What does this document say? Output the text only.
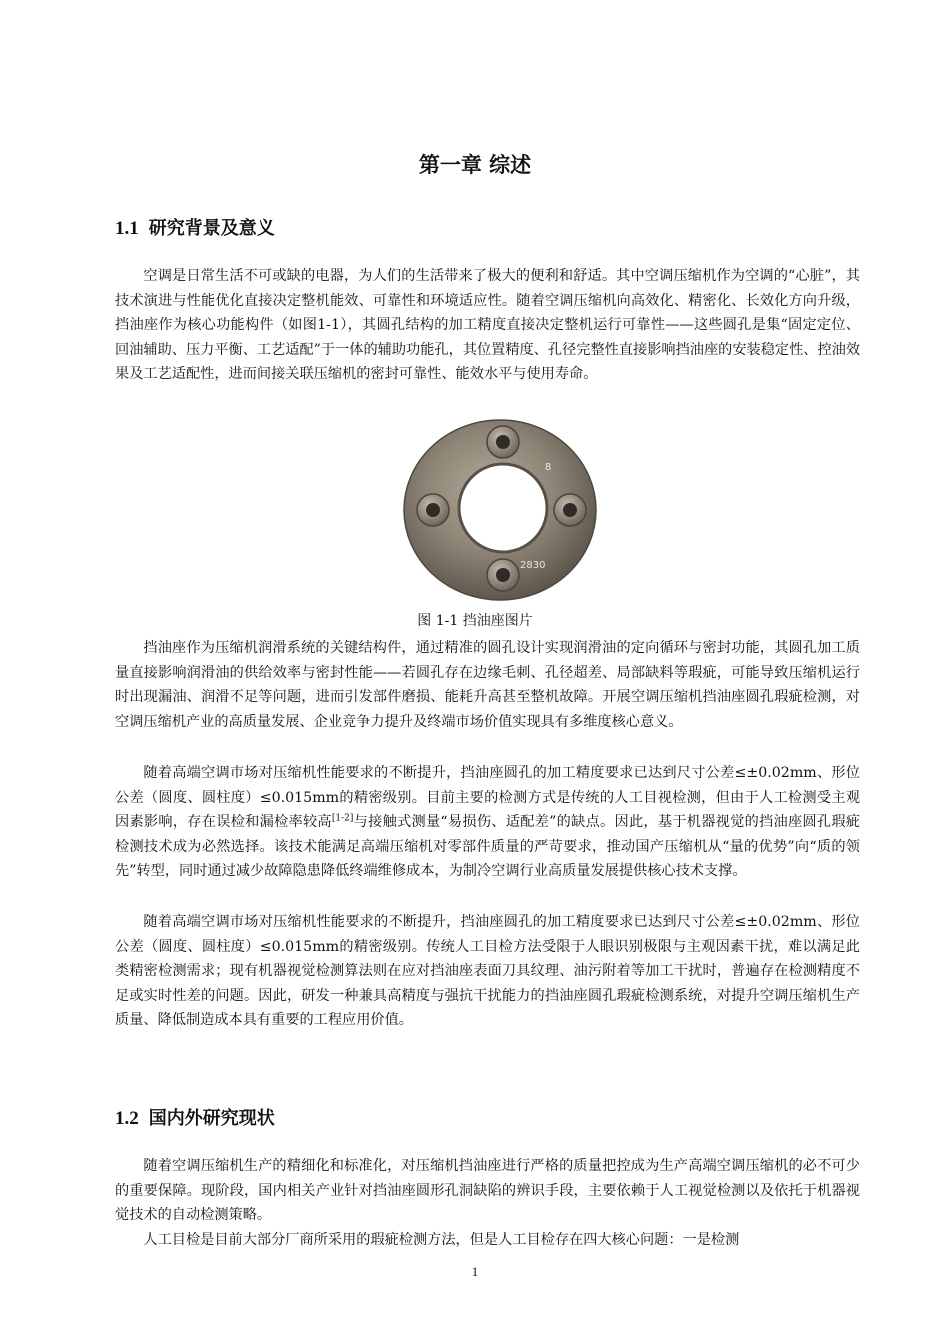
第一章 综述
1.1 研究背景及意义

空调是日常生活不可或缺的电器，为人们的生活带来了极大的便利和舒适。其中空调压缩机作为空调的“心脏”，其技术演进与性能优化直接决定整机能效、可靠性和环境适应性。随着空调压缩机向高效化、精密化、长效化方向升级，挡油座作为核心功能构件（如图1-1），其圆孔结构的加工精度直接决定整机运行可靠性——这些圆孔是集“固定定位、回油辅助、压力平衡、工艺适配”于一体的辅助功能孔，其位置精度、孔径完整性直接影响挡油座的安装稳定性、控油效果及工艺适配性，进而间接关联压缩机的密封可靠性、能效水平与使用寿命。

8
2830
图 1-1 挡油座图片

挡油座作为压缩机润滑系统的关键结构件，通过精准的圆孔设计实现润滑油的定向循环与密封功能，其圆孔加工质量直接影响润滑油的供给效率与密封性能——若圆孔存在边缘毛刺、孔径超差、局部缺料等瑕疵，可能导致压缩机运行时出现漏油、润滑不足等问题，进而引发部件磨损、能耗升高甚至整机故障。开展空调压缩机挡油座圆孔瑕疵检测，对空调压缩机产业的高质量发展、企业竞争力提升及终端市场价值实现具有多维度核心意义。

随着高端空调市场对压缩机性能要求的不断提升，挡油座圆孔的加工精度要求已达到尺寸公差≤±0.02mm、形位公差（圆度、圆柱度）≤0.015mm的精密级别。目前主要的检测方式是传统的人工目视检测，但由于人工检测受主观因素影响，存在误检和漏检率较高[1-2]与接触式测量“易损伤、适配差”的缺点。因此，基于机器视觉的挡油座圆孔瑕疵检测技术成为必然选择。该技术能满足高端压缩机对零部件质量的严苛要求，推动国产压缩机从“量的优势”向“质的领先”转型，同时通过减少故障隐患降低终端维修成本，为制冷空调行业高质量发展提供核心技术支撑。

随着高端空调市场对压缩机性能要求的不断提升，挡油座圆孔的加工精度要求已达到尺寸公差≤±0.02mm、形位公差（圆度、圆柱度）≤0.015mm的精密级别。传统人工目检方法受限于人眼识别极限与主观因素干扰，难以满足此类精密检测需求；现有机器视觉检测算法则在应对挡油座表面刀具纹理、油污附着等加工干扰时，普遍存在检测精度不足或实时性差的问题。因此，研发一种兼具高精度与强抗干扰能力的挡油座圆孔瑕疵检测系统，对提升空调压缩机生产质量、降低制造成本具有重要的工程应用价值。

1.2 国内外研究现状

随着空调压缩机生产的精细化和标准化，对压缩机挡油座进行严格的质量把控成为生产高端空调压缩机的必不可少的重要保障。现阶段，国内相关产业针对挡油座圆形孔洞缺陷的辨识手段，主要依赖于人工视觉检测以及依托于机器视觉技术的自动检测策略。

人工目检是目前大部分厂商所采用的瑕疵检测方法，但是人工目检存在四大核心问题：一是检测

1
